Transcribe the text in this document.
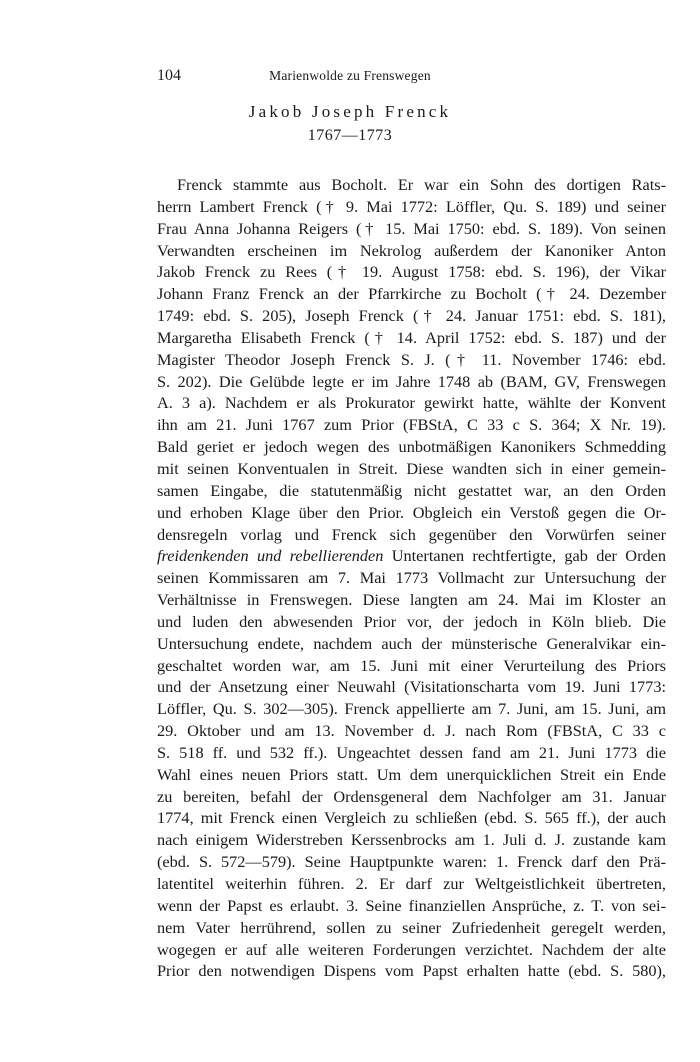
104	Marienwolde zu Frenswegen
Jakob Joseph Frenck
1767—1773
Frenck stammte aus Bocholt. Er war ein Sohn des dortigen Rats-
herrn Lambert Frenck († 9. Mai 1772: Löffler, Qu. S. 189) und seiner
Frau Anna Johanna Reigers († 15. Mai 1750: ebd. S. 189). Von seinen
Verwandten erscheinen im Nekrolog außerdem der Kanoniker Anton
Jakob Frenck zu Rees († 19. August 1758: ebd. S. 196), der Vikar
Johann Franz Frenck an der Pfarrkirche zu Bocholt († 24. Dezember
1749: ebd. S. 205), Joseph Frenck († 24. Januar 1751: ebd. S. 181),
Margaretha Elisabeth Frenck († 14. April 1752: ebd. S. 187) und der
Magister Theodor Joseph Frenck S. J. († 11. November 1746: ebd.
S. 202). Die Gelübde legte er im Jahre 1748 ab (BAM, GV, Frenswegen
A. 3 a). Nachdem er als Prokurator gewirkt hatte, wählte der Konvent
ihn am 21. Juni 1767 zum Prior (FBStA, C 33 c S. 364; X Nr. 19).
Bald geriet er jedoch wegen des unbotmäßigen Kanonikers Schmedding
mit seinen Konventualen in Streit. Diese wandten sich in einer gemein-
samen Eingabe, die statutenmäßig nicht gestattet war, an den Orden
und erhoben Klage über den Prior. Obgleich ein Verstoß gegen die Or-
densregeln vorlag und Frenck sich gegenüber den Vorwürfen seiner
freidenkenden und rebellierenden Untertanen rechtfertigte, gab der Orden
seinen Kommissaren am 7. Mai 1773 Vollmacht zur Untersuchung der
Verhältnisse in Frenswegen. Diese langten am 24. Mai im Kloster an
und luden den abwesenden Prior vor, der jedoch in Köln blieb. Die
Untersuchung endete, nachdem auch der münsterische Generalvikar ein-
geschaltet worden war, am 15. Juni mit einer Verurteilung des Priors
und der Ansetzung einer Neuwahl (Visitationscharta vom 19. Juni 1773:
Löffler, Qu. S. 302—305). Frenck appellierte am 7. Juni, am 15. Juni, am
29. Oktober und am 13. November d. J. nach Rom (FBStA, C 33 c
S. 518 ff. und 532 ff.). Ungeachtet dessen fand am 21. Juni 1773 die
Wahl eines neuen Priors statt. Um dem unerquicklichen Streit ein Ende
zu bereiten, befahl der Ordensgeneral dem Nachfolger am 31. Januar
1774, mit Frenck einen Vergleich zu schließen (ebd. S. 565 ff.), der auch
nach einigem Widerstreben Kerssenbrocks am 1. Juli d. J. zustande kam
(ebd. S. 572—579). Seine Hauptpunkte waren: 1. Frenck darf den Prä-
latentitel weiterhin führen. 2. Er darf zur Weltgeistlichkeit übertreten,
wenn der Papst es erlaubt. 3. Seine finanziellen Ansprüche, z. T. von sei-
nem Vater herrührend, sollen zu seiner Zufriedenheit geregelt werden,
wogegen er auf alle weiteren Forderungen verzichtet. Nachdem der alte
Prior den notwendigen Dispens vom Papst erhalten hatte (ebd. S. 580),
